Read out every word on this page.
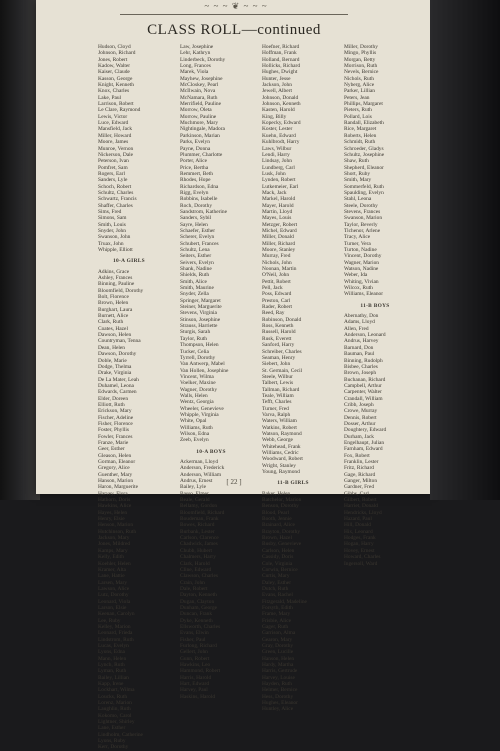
~ ~ ~ ❦ ~ ~ ~
CLASS ROLL—continued
Hudson, Cloyd
Johnson, Richard
Jones, Robert
Kadow, Walter
Kaiser, Claude
Kasson, George
Knight, Kenneth
Knox, Charles
Lake, Paul
Larrison, Robert
Le Clare, Raymond
Lewis, Victor
Luce, Edward
Mansfield, Jack
Miller, Howard
Moore, James
Munroe, Vernon
Nickerson, Dale
Peterson, Ivan
Pomfret, Sam
Rogers, Earl
Sanders, Lyle
Schoch, Robert
Schultz, Charles
Schwartz, Francis
Shaffer, Charles
Sims, Fred
Simons, Sam
Smith, Louis
Snyder, John
Swanson, John
Truax, John
Whipple, Elliott
10-A GIRLS
Adkins, Grace
Ashley, Frances
Binning, Pauline
Bloomfield, Dorothy
Bolt, Florence
Brown, Helen
Burghart, Laura
Burnett, Alice
Clark, Ruth
Coates, Hazel
Dawson, Helen
Countryman, Tenna
Dean, Helen
Dawson, Dorothy
Doble, Marie
Dodge, Thelma
Drake, Virginia
De La Mater, Leah
Duhamel, Leona
Edwards, Carmen
Elder, Doreen
Elliott, Ruth
Erickson, Mary
Fischer, Adeline
Fisher, Florence
Foster, Phyllis
Fowler, Frances
Franze, Marie
Geer, Esther
Gleason, Helen
Gorman, Eleanor
Gregory, Alice
Guenther, Mary
Hanson, Marion
Haron, Marguerite
Harvey, Flora
Hathorn, Doris
Hawkins, Alice
Hayes, Helen
Henry, Elsie
Henson, Marion
Hutchinson, Ruth
Jackson, Mary
Jones, Mildred
Kamps, Mary
Kelly, Edith
Koehler, Helen
Kramer, Alta
Lane, Hattie
Larsen, Mary
Lawson, Alice
Lutz, Dorothy
Leonard, Viola
Larson, Elsie
Keenan, Carolyn
Lee, Ruby
Kelley, Marion
Leonard, Frieda
Lindstrom, Ruth
Lucas, Evelyn
Lyons, Edna
Mann, Helen
Lynch, Ruth
Lyman, Ruth
Bailey, Lillian
Kapp, Irene
Lockhart, Wilma
Loucks, Ruth
Lorenz, Marion
Laughlin, Ruth
Kokomo, Carol
Lightner, Shirley
Lane, Esther
Lindholm, Catherine
Lyons, Ruby
Kerr, Dorothy
Law, Josephine
Lehr, Kathryn
Linderbeck, Dorothy
Long, Frances
Marek, Viola
Mayhew, Josephine
McCloskey, Pearl
McIlwain, Nova
McNamara, Ruth
Merrifield, Pauline
Morrow, Oleta
Morrow, Pauline
Muchmore, Mary
Nightingale, Madora
Parkinson, Marian
Parks, Evelyn
Payne, Donna
Plummer, Charlotte
Porter, Alice
Price, Bertha
Remmert, Beth
Rhodes, Hope
Richardson, Edna
Rigg, Evelyn
Robbins, Isabelle
Roch, Dorothy
Sandstrom, Katherine
Sanders, Sybil
Sayre, Helen
Schaefer, Esther
Scherer, Evelyn
Schubert, Frances
Schultz, Lena
Seiters, Esther
Seivers, Evelyn
Shank, Nadine
Shields, Ruth
Smith, Alice
Smith, Maurine
Snyder, Zella
Springer, Margaret
Steiner, Marguerite
Stevens, Virginia
Stinson, Josephine
Strauss, Harriette
Sturgis, Sarah
Taylor, Ruth
Thompson, Helen
Tucker, Celia
Tyrrell, Dorothy
Van Antwerp, Mabel
Van Hollen, Josephine
Vincent, Wilma
Voelker, Maxine
Wagner, Dorothy
Walls, Helen
Wentz, Georgia
Wheeler, Genevieve
Whipple, Virginia
White, Opal
Williams, Ruth
Wilson, Edna
Zeeb, Evelyn
10-A BOYS
Ackerman, Lloyd
Anderson, Frederick
Anderson, William
Andrus, Ernest
Bailey, Lyle
Basso, Elmer
Beale, Gerald
Bellamy, Gordon
Bloomfield, Richard
Boudeman, Frank
Bowes, Richard
Burbank, Lester
Carlson, Clarence
Chadwick, James
Chubb, Hubert
Chalmers, Harry
Clark, Harold
Cline, Edward
Clawson, Charles
Crain, John
Dale, Robert
Dayton, Kenneth
Dugan, Clayton
Dunham, George
Duncan, Frank
Dyke, Kenneth
Ellsworth, Charles
Evans, Elwin
Fisher, Paul
Furlong, Richard
Gellert, John
Gunn, Robert
Hawkins, Leo
Hammond, Robert
Harris, Harold
Hart, Edward
Harvey, Paul
Haskins, Harold
Hoefner, Richard
Hoffman, Frank
Holland, Bernard
Hollicks, Richard
Hughes, Dwight
Hunter, Jesse
Jackson, John
Jewell, Albert
Johnson, Donald
Johnson, Kenneth
Kasten, Harold
King, Billy
Kopecky, Edward
Koster, Lester
Kuehn, Edward
Kuhlbrodt, Harry
Laws, Wilbur
Lendi, Harry
Lindsay, John
Lundberg, Carl
Lusk, John
Lynden, Robert
Lutkemeier, Earl
Mack, Jack
Markel, Harold
Mayer, Harold
Martin, Lloyd
Mayes, Louis
Metzger, Robert
Michel, Edward
Miller, Donald
Miller, Richard
Moore, Stanley
Murray, Fred
Nichols, John
Noonan, Martin
O'Neil, John
Pettit, Robert
Pell, Jack
Poss, Edward
Preston, Carl
Rader, Robert
Reed, Ray
Robinson, Donald
Ross, Kenneth
Russell, Harold
Rusk, Everett
Sanford, Harry
Schreiber, Charles
Seaman, Henry
Siebert, John
St. Germain, Cecil
Steele, Wilbur
Talbert, Lewis
Tallman, Richard
Teale, William
Tefft, Charles
Turner, Fred
Varva, Ralph
Waters, William
Watkins, Robert
Watson, Raymond
Webb, George
Whitehead, Frank
Williams, Cedric
Woodward, Robert
Wright, Stanley
Young, Raymond
11-B GIRLS
Baker, Helen
Batchelor, Marion
Benson, Dorothy
Blood, Pearl
Booth, Jennie
Brainard, Alice
Brayton, Dorothy
Brown, Hazel
Busby, Genevieve
Carlson, Helen
Cassidy, Doris
Cole, Virginia
Corwin, Bernice
Curtis, Mary
Daley, Esther
Dutch, Ruth
Evans, Rachel
Fitzgerald, Madeline
Forsyth, Edith
Frame, Mary
Frisbie, Alice
Gager, Ruth
Garrison, Alma
Gearon, Mary
Gray, Dorothy
Green, Lucille
Hanson, Helen
Hardy, Martha
Harris, Gertrude
Harvey, Louise
Hayden, Ruth
Helmer, Bernice
Hess, Dorothy
Hughes, Eleanor
Huntley, Alice
Miller, Dorothy
Mingo, Phyllis
Morgan, Betty
Morrison, Ruth
Nevels, Bernice
Nichols, Ruth
Nyberg, Alice
Parker, Lillian
Peters, Jean
Phillips, Margaret
Pieters, Ruth
Pollard, Lois
Randall, Elizabeth
Rice, Margaret
Roberts, Helen
Schmidt, Ruth
Schroeder, Gladys
Schultz, Josephine
Shaw, Ruth
Shepherd, Eleanor
Short, Ruby
Smith, Mary
Sommerfeld, Ruth
Spaulding, Evelyn
Stahl, Leona
Steele, Dorothy
Stevens, Frances
Swanson, Marion
Taylor, Beverly
Tichenor, Arlene
Tracy, Alice
Turner, Vera
Turton, Nadine
Vincent, Dorothy
Wagner, Marion
Watson, Nadine
Weber, Ida
Whiting, Vivian
Wilcox, Ruth
Williams, Eleanor
11-B BOYS
Abernathy, Don
Adams, Lloyd
Allen, Fred
Anderson, Leonard
Andrus, Harvey
Barnard, Don
Bauman, Paul
Binning, Rudolph
Bisbee, Charles
Brown, Joseph
Buchanan, Richard
Campbell, Arthur
Carpenter, Walter
Crandall, William
Cribb, Joseph
Crowe, Murray
Dennis, Robert
Dosser, Arthur
Doughtery, Edward
Durham, Jack
Engelhaupt, Julian
Farnham, Edward
Fox, Robert
Franklin, Lester
Fritz, Richard
Gage, Richard
Ganger, Milton
Gardner, Fred
Gibbs, Carl
Gilbert, Robert
Harriet, Donald
Hendricks, Lloyd
Hazard, Paul
Hill, Donald
Hix, Leonard
Hodges, Frank
Hogan, Harry
Hovey, Ernest
Howard, Charles
Ingersoll, Ward
[ 22 ]
